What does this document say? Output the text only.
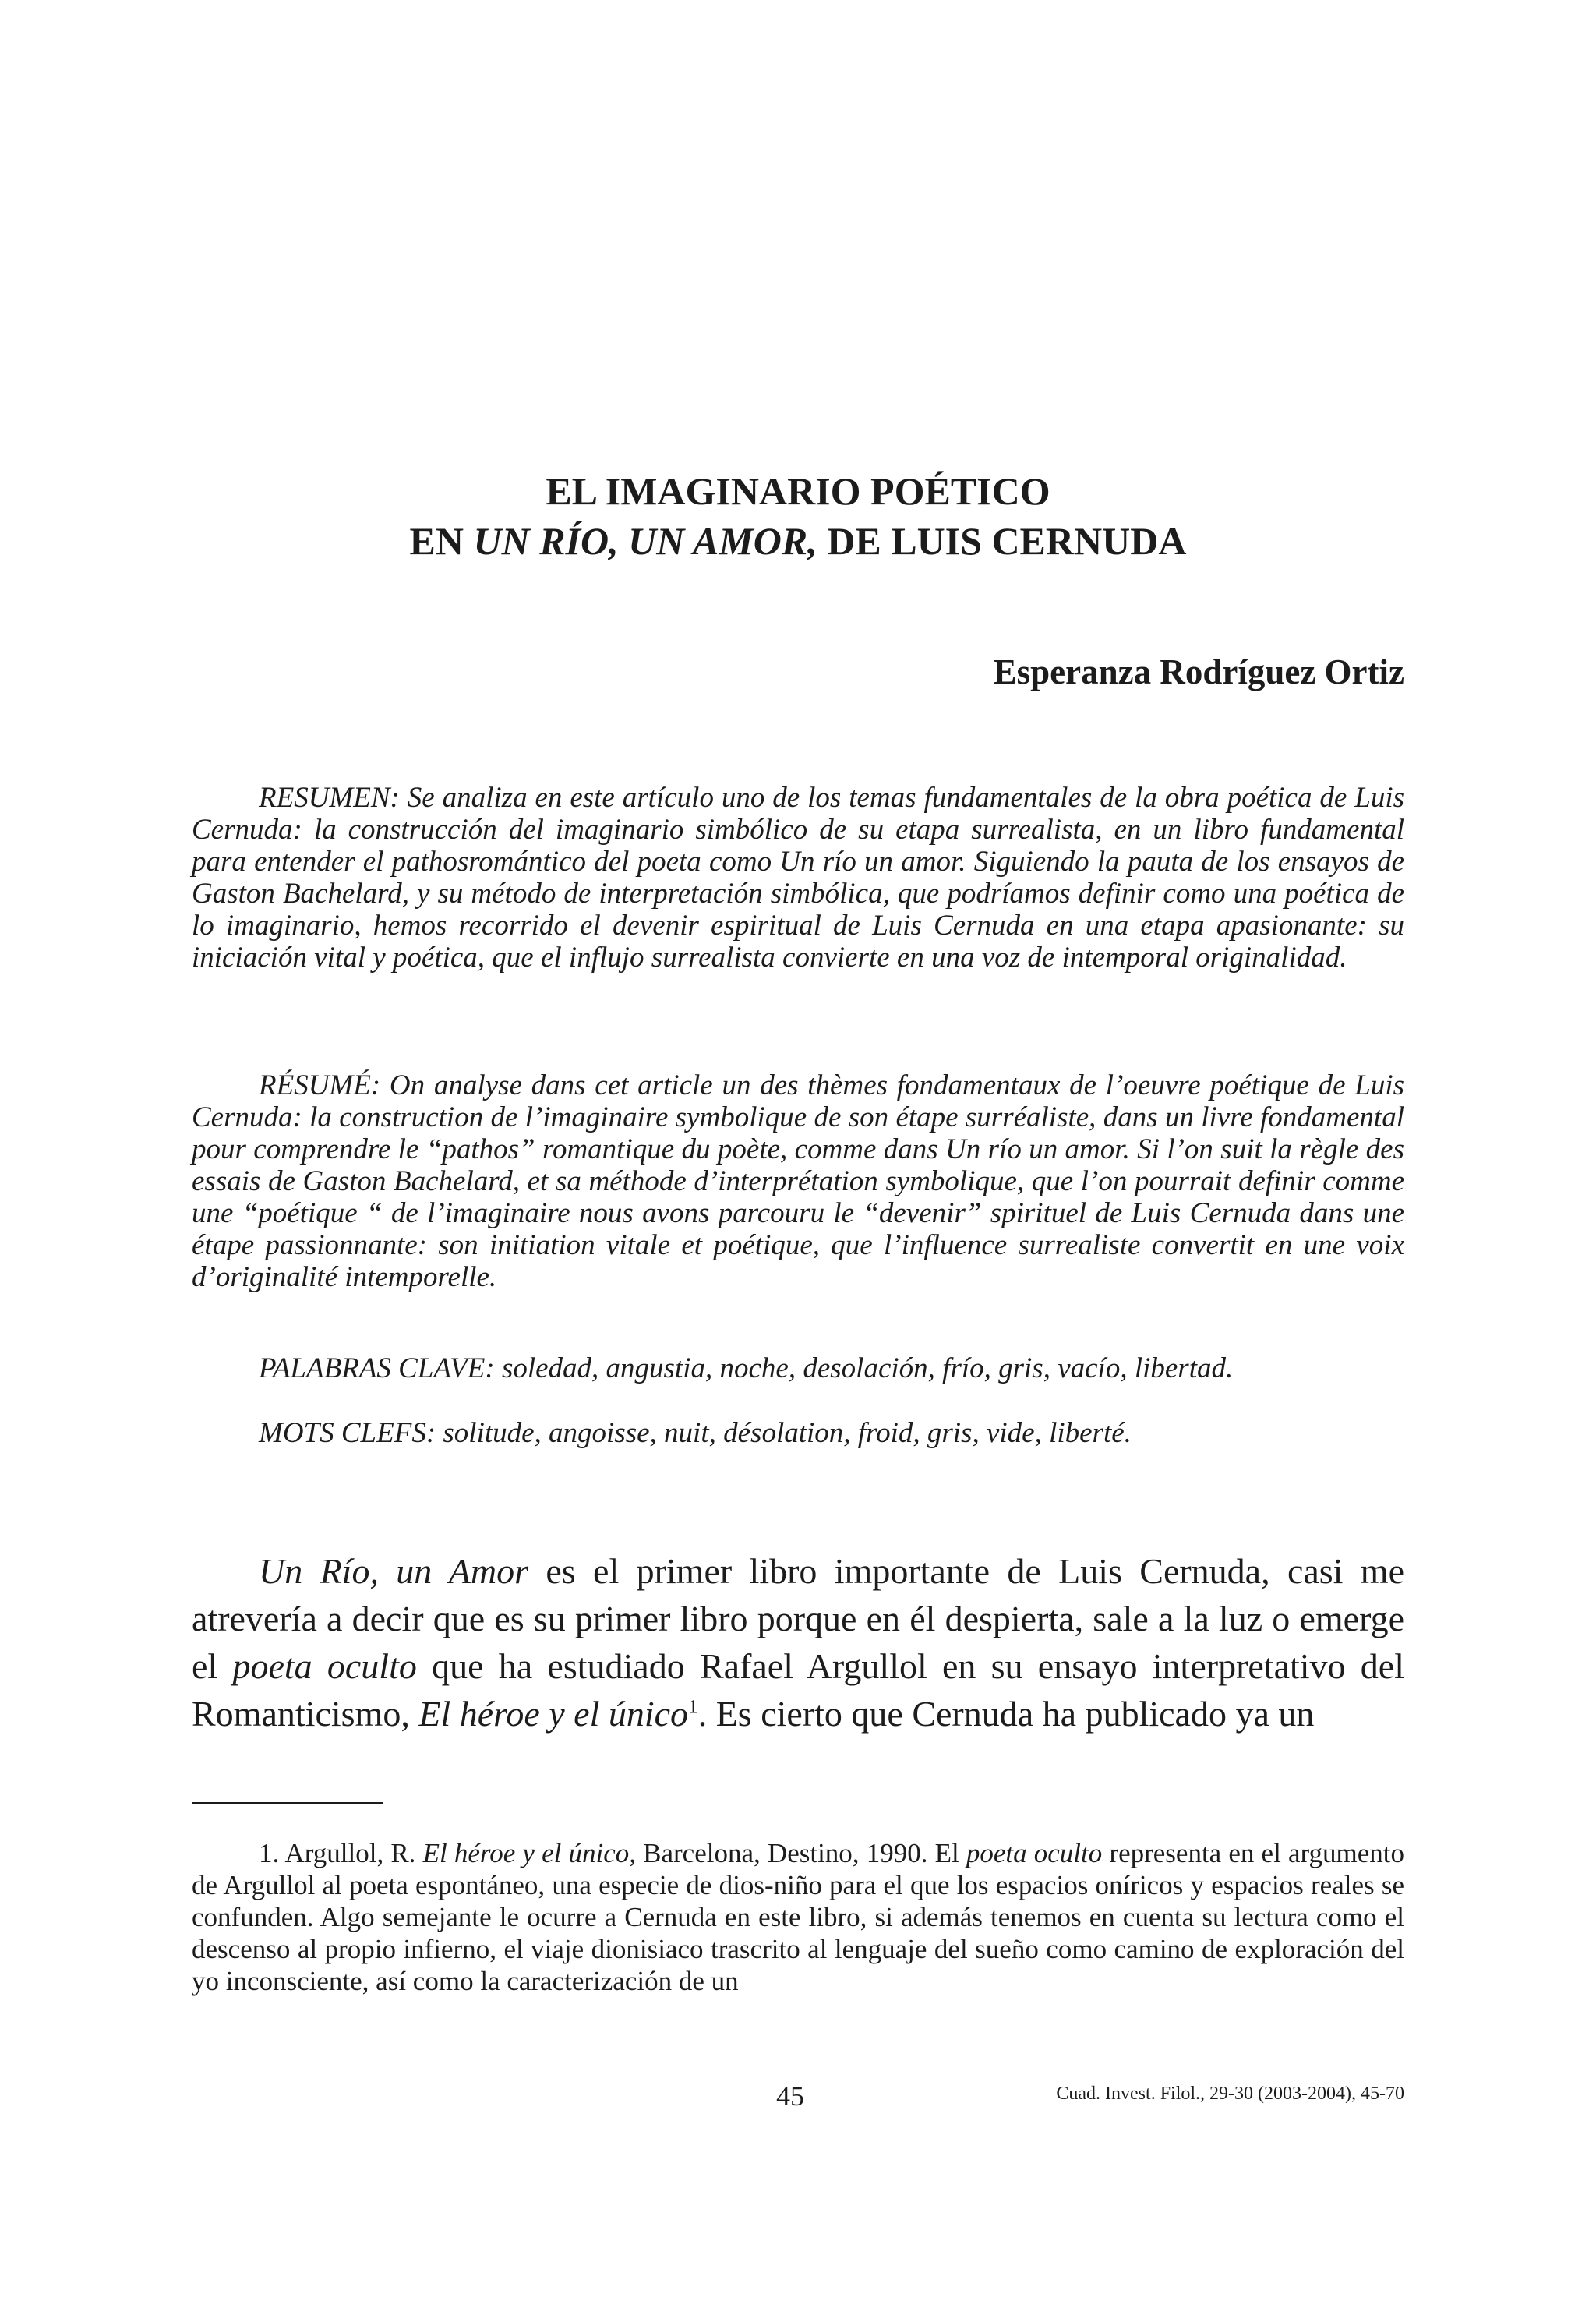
EL IMAGINARIO POÉTICO
EN UN RÍO, UN AMOR, DE LUIS CERNUDA

Esperanza Rodríguez Ortiz

RESUMEN: Se analiza en este artículo uno de los temas fundamentales de la obra poética de Luis Cernuda: la construcción del imaginario simbólico de su etapa surrealista, en un libro fundamental para entender el pathosromántico del poeta como Un río un amor. Siguiendo la pauta de los ensayos de Gaston Bachelard, y su método de interpretación simbólica, que podríamos definir como una poética de lo imaginario, hemos recorrido el devenir espiritual de Luis Cernuda en una etapa apasionante: su iniciación vital y poética, que el influjo surrealista convierte en una voz de intemporal originalidad.

RÉSUMÉ: On analyse dans cet article un des thèmes fondamentaux de l’oeuvre poétique de Luis Cernuda: la construction de l’imaginaire symbolique de son étape surréaliste, dans un livre fondamental pour comprendre le “pathos” romantique du poète, comme dans Un río un amor. Si l’on suit la règle des essais de Gaston Bachelard, et sa méthode d’interprétation symbolique, que l’on pourrait definir comme une “poétique “ de l’imaginaire nous avons parcouru le “devenir” spirituel de Luis Cernuda dans une étape passionnante: son initiation vitale et poétique, que l’influence surrealiste convertit en une voix d’originalité intemporelle.

PALABRAS CLAVE: soledad, angustia, noche, desolación, frío, gris, vacío, libertad.

MOTS CLEFS: solitude, angoisse, nuit, désolation, froid, gris, vide, liberté.

Un Río, un Amor es el primer libro importante de Luis Cernuda, casi me atrevería a decir que es su primer libro porque en él despierta, sale a la luz o emerge el poeta oculto que ha estudiado Rafael Argullol en su ensayo interpretativo del Romanticismo, El héroe y el único$^1$. Es cierto que Cernuda ha publicado ya un

1. Argullol, R. El héroe y el único, Barcelona, Destino, 1990. El poeta oculto representa en el argumento de Argullol al poeta espontáneo, una especie de dios-niño para el que los espacios oníricos y espacios reales se confunden. Algo semejante le ocurre a Cernuda en este libro, si además tenemos en cuenta su lectura como el descenso al propio infierno, el viaje dionisiaco trascrito al lenguaje del sueño como camino de exploración del yo inconsciente, así como la caracterización de un

45	Cuad. Invest. Filol., 29-30 (2003-2004), 45-70
